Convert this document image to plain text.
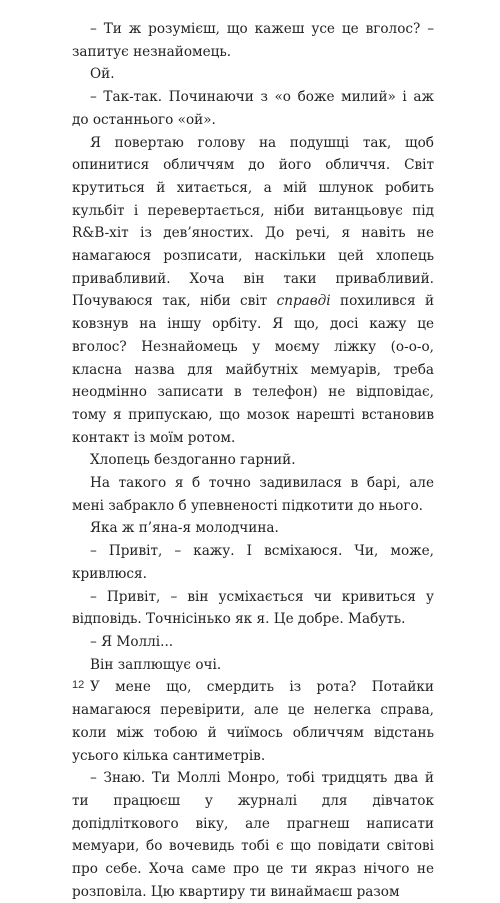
– Ти ж розумієш, що кажеш усе це вголос? – запитує незнайомець.

Ой.

– Так-так. Починаючи з «о боже милий» і аж до останнього «ой».

Я повертаю голову на подушці так, щоб опинитися обличчям до його обличчя. Світ крутиться й хитається, а мій шлунок робить кульбіт і перевертається, ніби витанцьовує під R&B-хіт із дев’яностих. До речі, я навіть не намагаюся розписати, наскільки цей хлопець привабливий. Хоча він таки привабливий. Почуваюся так, ніби світ справді похилився й ковзнув на іншу орбіту. Я що, досі кажу це вголос? Незнайомець у моєму ліжку (о-о-о, класна назва для майбутніх мемуарів, треба неодмінно записати в телефон) не відповідає, тому я припускаю, що мозок нарешті встановив контакт із моїм ротом.

Хлопець бездоганно гарний.

На такого я б точно задивилася в барі, але мені забракло б упевненості підкотити до нього.

Яка ж п’яна-я молодчина.

– Привіт, – кажу. І всміхаюся. Чи, може, кривлюся.

– Привіт, – він усміхається чи кривиться у відповідь. Точнісінько як я. Це добре. Мабуть.

– Я Моллі...

Він заплющує очі.

У мене що, смердить із рота? Потайки намагаюся перевірити, але це нелегка справа, коли між тобою й чиїмось обличчям відстань усього кілька сантиметрів.

– Знаю. Ти Моллі Монро, тобі тридцять два й ти працюєш у журналі для дівчаток допідліткового віку, але прагнеш написати мемуари, бо вочевидь тобі є що повідати світові про себе. Хоча саме про це ти якраз нічого не розповіла. Цю квартиру ти винаймаєш разом

12
